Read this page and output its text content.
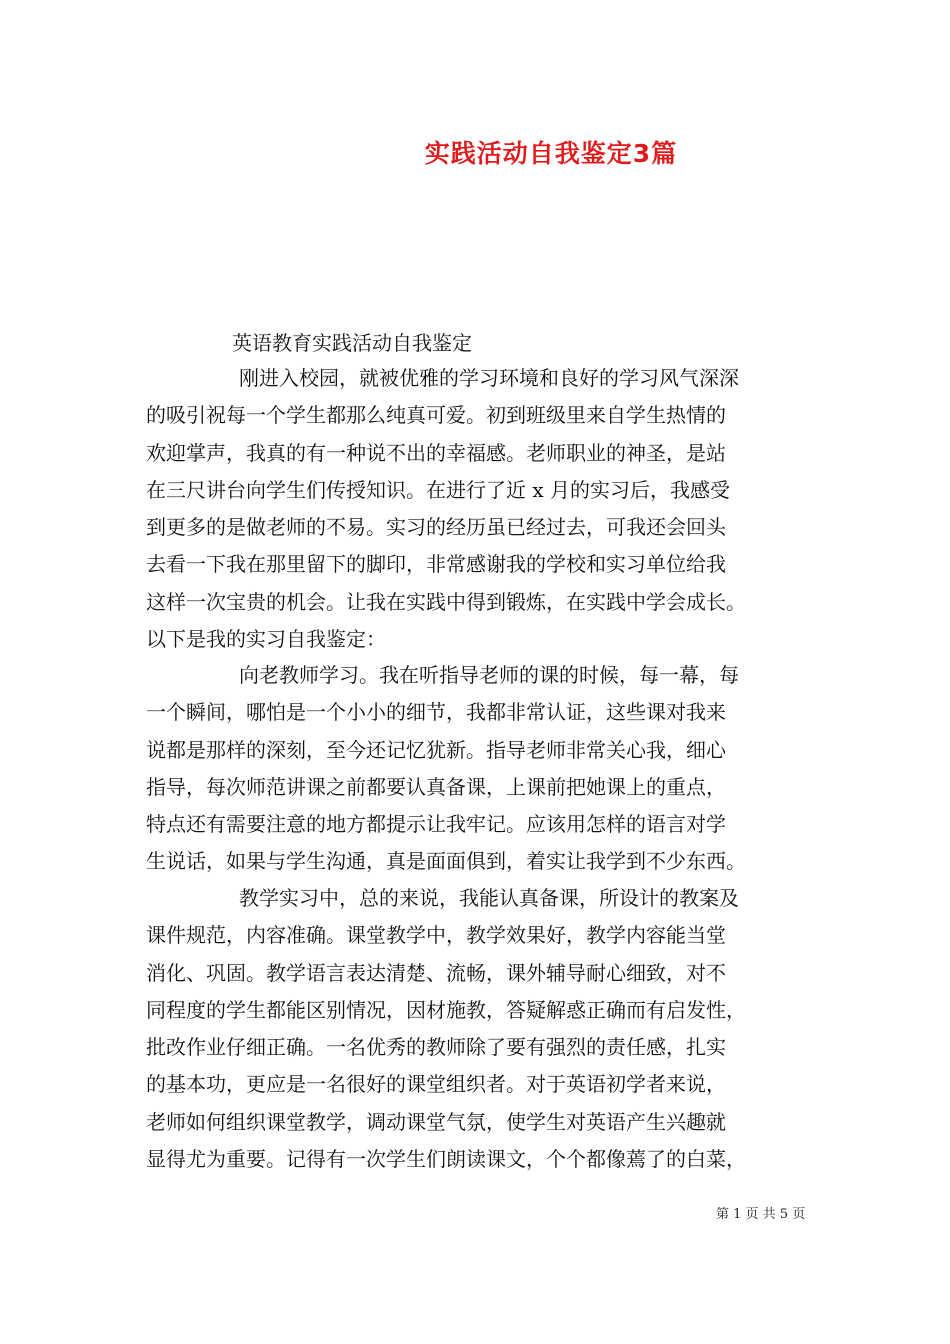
实践活动自我鉴定3篇
英语教育实践活动自我鉴定
刚进入校园，就被优雅的学习环境和良好的学习风气深深
的吸引祝每一个学生都那么纯真可爱。初到班级里来自学生热情的
欢迎掌声，我真的有一种说不出的幸福感。老师职业的神圣，是站
在三尺讲台向学生们传授知识。在进行了近 x 月的实习后，我感受
到更多的是做老师的不易。实习的经历虽已经过去，可我还会回头
去看一下我在那里留下的脚印，非常感谢我的学校和实习单位给我
这样一次宝贵的机会。让我在实践中得到锻炼，在实践中学会成长。
以下是我的实习自我鉴定：
向老教师学习。我在听指导老师的课的时候，每一幕，每
一个瞬间，哪怕是一个小小的细节，我都非常认证，这些课对我来
说都是那样的深刻，至今还记忆犹新。指导老师非常关心我，细心
指导，每次师范讲课之前都要认真备课，上课前把她课上的重点，
特点还有需要注意的地方都提示让我牢记。应该用怎样的语言对学
生说话，如果与学生沟通，真是面面俱到，着实让我学到不少东西。
教学实习中，总的来说，我能认真备课，所设计的教案及
课件规范，内容准确。课堂教学中，教学效果好，教学内容能当堂
消化、巩固。教学语言表达清楚、流畅，课外辅导耐心细致，对不
同程度的学生都能区别情况，因材施教，答疑解惑正确而有启发性，
批改作业仔细正确。一名优秀的教师除了要有强烈的责任感，扎实
的基本功，更应是一名很好的课堂组织者。对于英语初学者来说，
老师如何组织课堂教学，调动课堂气氛，使学生对英语产生兴趣就
显得尤为重要。记得有一次学生们朗读课文，个个都像蔫了的白菜，
第 1 页 共 5 页
